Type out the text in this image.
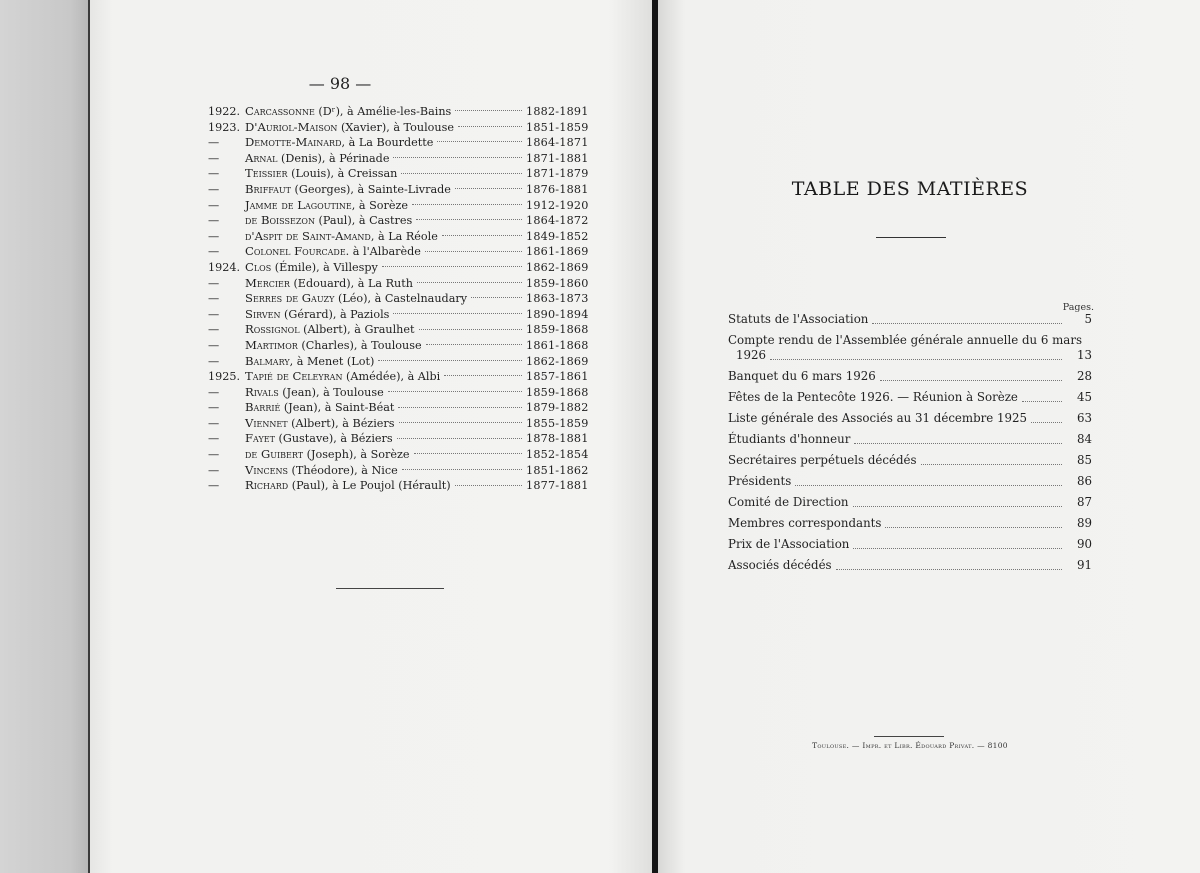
— 98 —
1922. Carcassonne (Dʳ), à Amélie-les-Bains	1882-1891
1923. D'Auriol-Maison (Xavier), à Toulouse	1851-1859
—	Demotte-Mainard, à La Bourdette	1864-1871
—	Arnal (Denis), à Périnade	1871-1881
—	Teissier (Louis), à Creissan	1871-1879
—	Briffaut (Georges), à Sainte-Livrade	1876-1881
—	Jamme de Lagoutine, à Sorèze	1912-1920
—	de Boissezon (Paul), à Castres	1864-1872
—	d'Aspit de Saint-Amand, à La Réole	1849-1852
—	Colonel Fourcade. à l'Albarède	1861-1869
1924. Clos (Émile), à Villespy	1862-1869
—	Mercier (Edouard), à La Ruth	1859-1860
—	Serres de Gauzy (Léo), à Castelnaudary	1863-1873
—	Sirven (Gérard), à Paziols	1890-1894
—	Rossignol (Albert), à Graulhet	1859-1868
—	Martimor (Charles), à Toulouse	1861-1868
—	Balmary, à Menet (Lot)	1862-1869
1925. Tapié de Celeyran (Amédée), à Albi	1857-1861
—	Rivals (Jean), à Toulouse	1859-1868
—	Barrié (Jean), à Saint-Béat	1879-1882
—	Viennet (Albert), à Béziers	1855-1859
—	Fayet (Gustave), à Béziers	1878-1881
—	de Guibert (Joseph), à Sorèze	1852-1854
—	Vincens (Théodore), à Nice	1851-1862
—	Richard (Paul), à Le Poujol (Hérault)	1877-1881
TABLE DES MATIÈRES
Pages.
Statuts de l'Association	5
Compte rendu de l'Assemblée générale annuelle du 6 mars
1926	13
Banquet du 6 mars 1926	28
Fêtes de la Pentecôte 1926. — Réunion à Sorèze	45
Liste générale des Associés au 31 décembre 1925	63
Étudiants d'honneur	84
Secrétaires perpétuels décédés	85
Présidents	86
Comité de Direction	87
Membres correspondants	89
Prix de l'Association	90
Associés décédés	91
Toulouse. — Impr. et Libr. Édouard Privat. — 8100
